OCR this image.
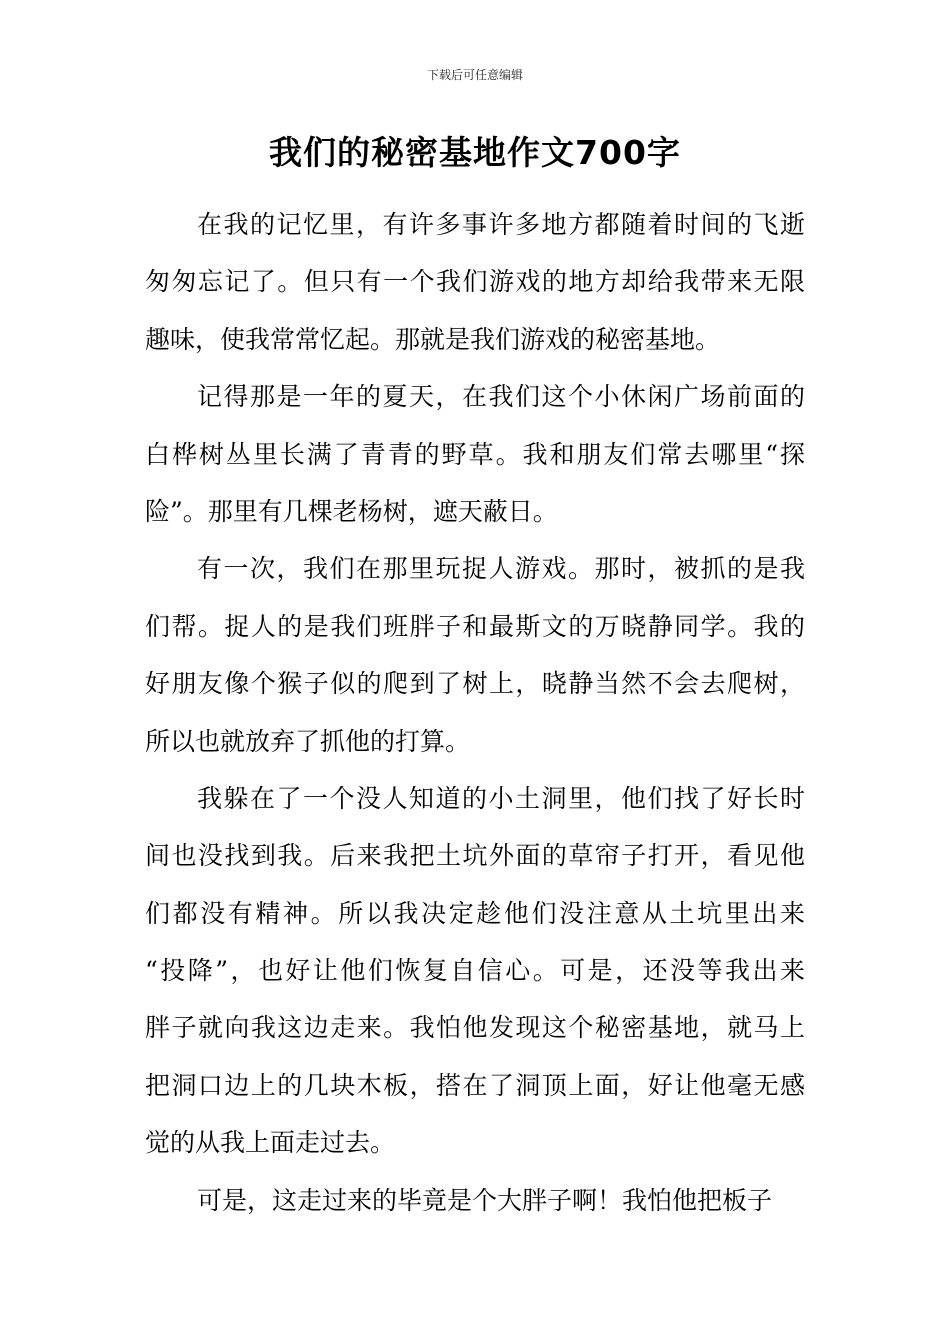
下载后可任意编辑
我们的秘密基地作文700字
在我的记忆里，有许多事许多地方都随着时间的飞逝
匆匆忘记了。但只有一个我们游戏的地方却给我带来无限
趣味，使我常常忆起。那就是我们游戏的秘密基地。
记得那是一年的夏天，在我们这个小休闲广场前面的
白桦树丛里长满了青青的野草。我和朋友们常去哪里“探
险”。那里有几棵老杨树，遮天蔽日。
有一次，我们在那里玩捉人游戏。那时，被抓的是我
们帮。捉人的是我们班胖子和最斯文的万晓静同学。我的
好朋友像个猴子似的爬到了树上，晓静当然不会去爬树，
所以也就放弃了抓他的打算。
我躲在了一个没人知道的小土洞里，他们找了好长时
间也没找到我。后来我把土坑外面的草帘子打开，看见他
们都没有精神。所以我决定趁他们没注意从土坑里出来
“投降”，也好让他们恢复自信心。可是，还没等我出来
胖子就向我这边走来。我怕他发现这个秘密基地，就马上
把洞口边上的几块木板，搭在了洞顶上面，好让他毫无感
觉的从我上面走过去。
可是，这走过来的毕竟是个大胖子啊！我怕他把板子
